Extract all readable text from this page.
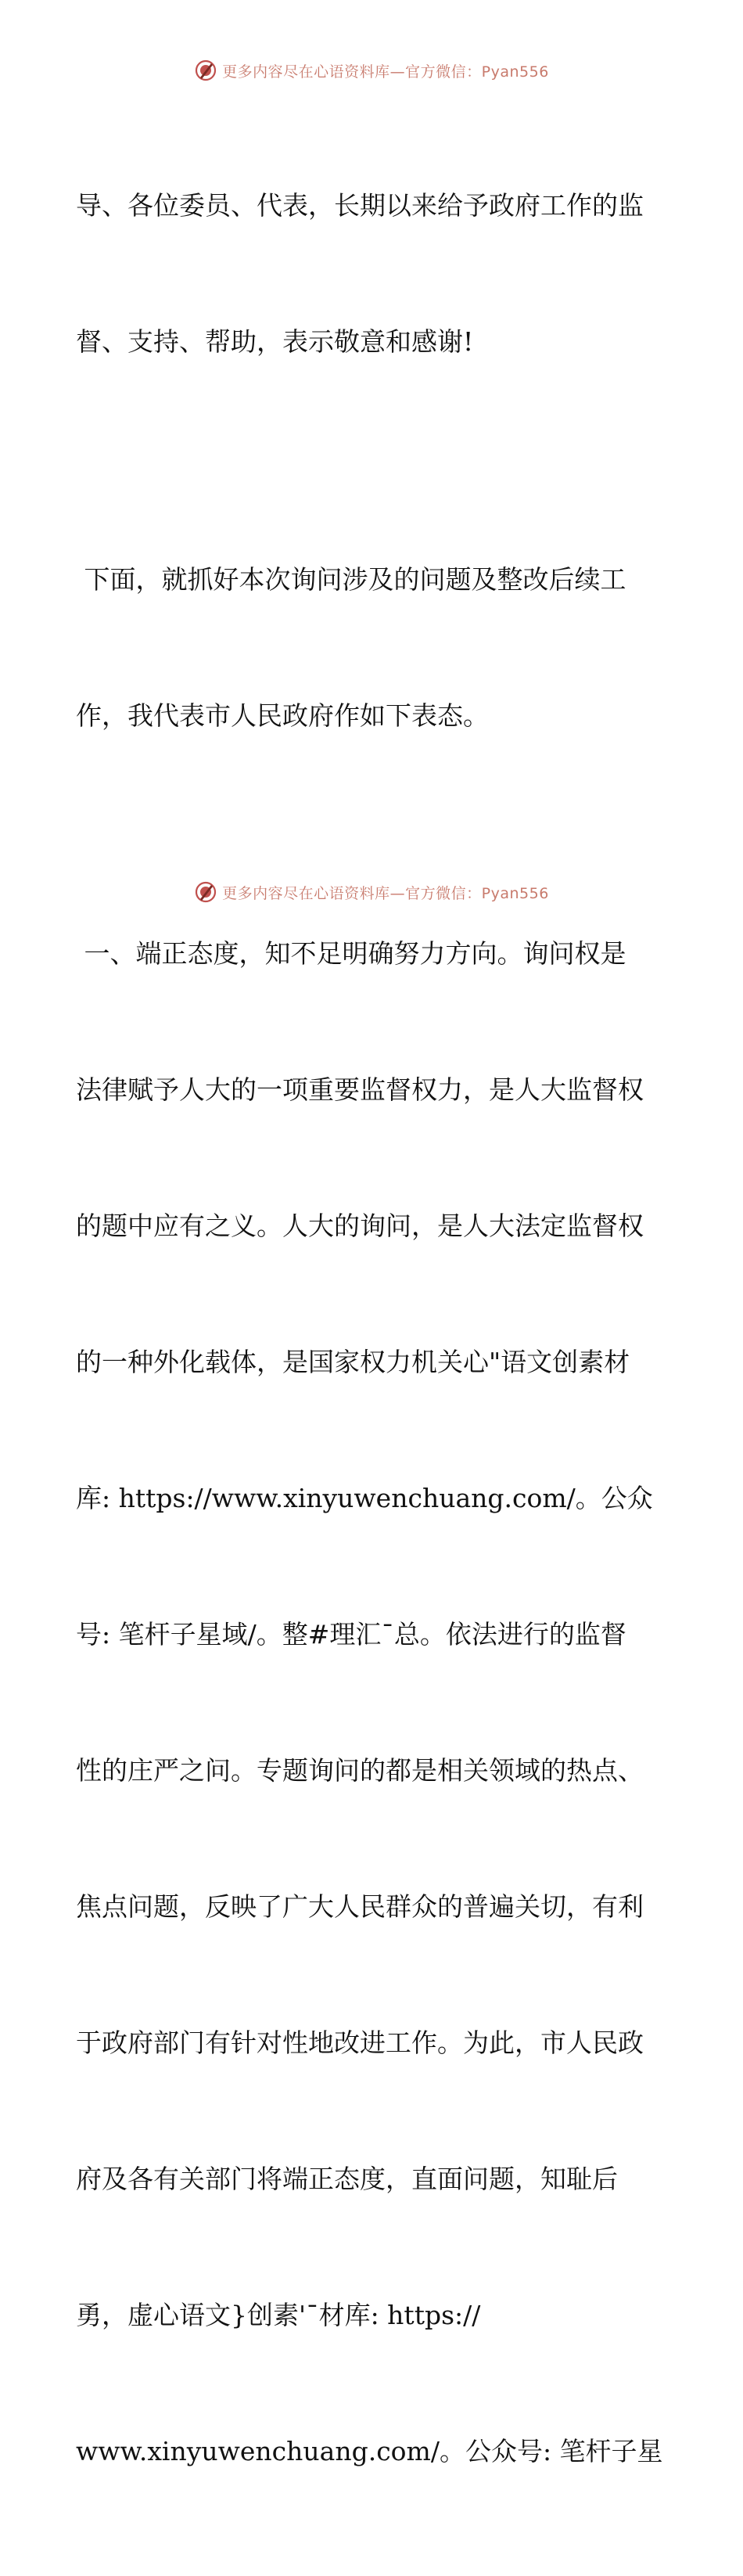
更多内容尽在心语资料库—官方微信：Pyan556

导、各位委员、代表，长期以来给予政府工作的监

督、支持、帮助，表示敬意和感谢!

下面，就抓好本次询问涉及的问题及整改后续工

作，我代表市人民政府作如下表态。

一、端正态度，知不足明确努力方向。询问权是

法律赋予人大的一项重要监督权力，是人大监督权

的题中应有之义。人大的询问，是人大法定监督权

的一种外化载体，是国家权力机关心"语文创素材

库: https://www.xinyuwenchuang.com/。公众

号: 笔杆子星域/。整#理汇¯总。依法进行的监督

性的庄严之问。专题询问的都是相关领域的热点、

焦点问题，反映了广大人民群众的普遍关切，有利

于政府部门有针对性地改进工作。为此，市人民政

府及各有关部门将端正态度，直面问题，知耻后

勇，虚心语文}创素'¯材库: https://

www.xinyuwenchuang.com/。公众号: 笔杆子星

更多内容尽在心语资料库—官方微信：Pyan556
